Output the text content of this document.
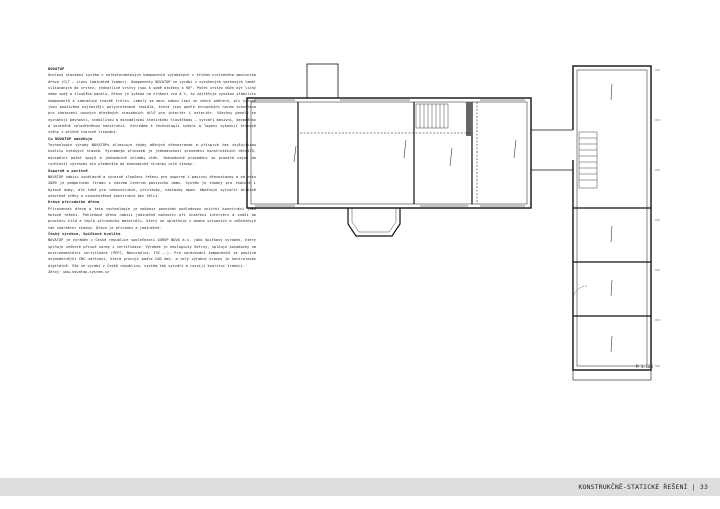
NOVATOP

Ucelený stavební systém z velkoformátových komponentů vyrobených z křížem vrstveného masivního dřeva (CLT – cross laminated timber). Komponenty NOVATOP se vyrábí z vysušených smrkových lamel slisovaných do vrstev, jednotlivé vrstvy jsou k sobě otočeny o 90°. Počet vrstev může být lichý nebo sudý a tloušťka panelu. Dřevo je sušeno na vlhkost cca 8 %, to zajišťuje vysokou stabilitu komponentů a zabraňuje tvorbě trhlin. Lamely se mezi sebou lepí ve všech směrech, při výrobě jsou používána nejčastěji polyuretanová lepidla, která jsou podle evropských norem schválena pro zhotovení nosných dřevěných stavebních dílů pro interiér i exteriér. Všechny panely se vyznačují pevností, stabilitou a minimálními statickými tloušťkami – vytváří masivní, bezpečnou a skutečně celodřevěnou konstrukci. Vzhledem k technologii sušení a lepení vykazují hranové stěny i příčné tvarové lisování.

Co NOVATOP umožňuje

Technologie výroby NOVATOPu eliminuje chyby běžných dřevostaveb a přispívá tak zvyšujícímu kvalitu hotových staveb. Významným přínosem je jednoduchost provedení konstrukčních detailů, minimální počet spojů a jednoduché skladby stěn. Jednoduché provedení se promítá nejen do rychlosti výstavby ale především do ekonomické stránky celé stavby.

Úsporně a poctivě

NOVATOP nabízí souhlasné a výrazné zlepšení řešení pro úsporné i pasivní dřevostavby a od roku 2009 je podporován firmou s názvem Centrum pasivního domu. Systém je vhodný pro rodinné i bytové domy, ale také pro rekonstrukce, přístavby, nástavby apod. Umožňuje vytvořit difúzně otevřené stěny a vzduchotěsné konstrukce bez fólií.

Krása přírodního dřeva

Přirozenost dřeva a tato technologie je možnost ponechat pohledovou vnitřní konstrukci jako hotové řešení. Pohledové dřevo nabízí jedinečné možnosti při utváření interiéru a vnáší do prostoru klid a teplo přírodního materiálu, který se uplatňuje v mnoha situacích a zdůrazňuje tak charakter stavby. Dřevo je přírodní a jedinečné.

Český výrobce, špičková kvalita

NOVATOP je vyráběn v České republice společností AGROP NOVA a.s. jako špičkový výrobek, který splňuje veškeré přísné normy i certifikace. Výrobek je ekologicky šetrný, splňuje požadavky na environmentální certifikace (PEFC, Natureplus, FSC...). Pro zpracování komponentů se používá nejmodernější CNC zařízení, která pracují podle CAD dat, a celý výrobní proces je kontrolován digitálně. Vše se vyrábí v České republice, systém tak vytváří a rozvíjí kvalitní tradici.

Zdroj: www.novatop-system.cz

M 1:100
KONSTRUKČNĚ-STATICKÉ ŘEŠENÍ | 33
